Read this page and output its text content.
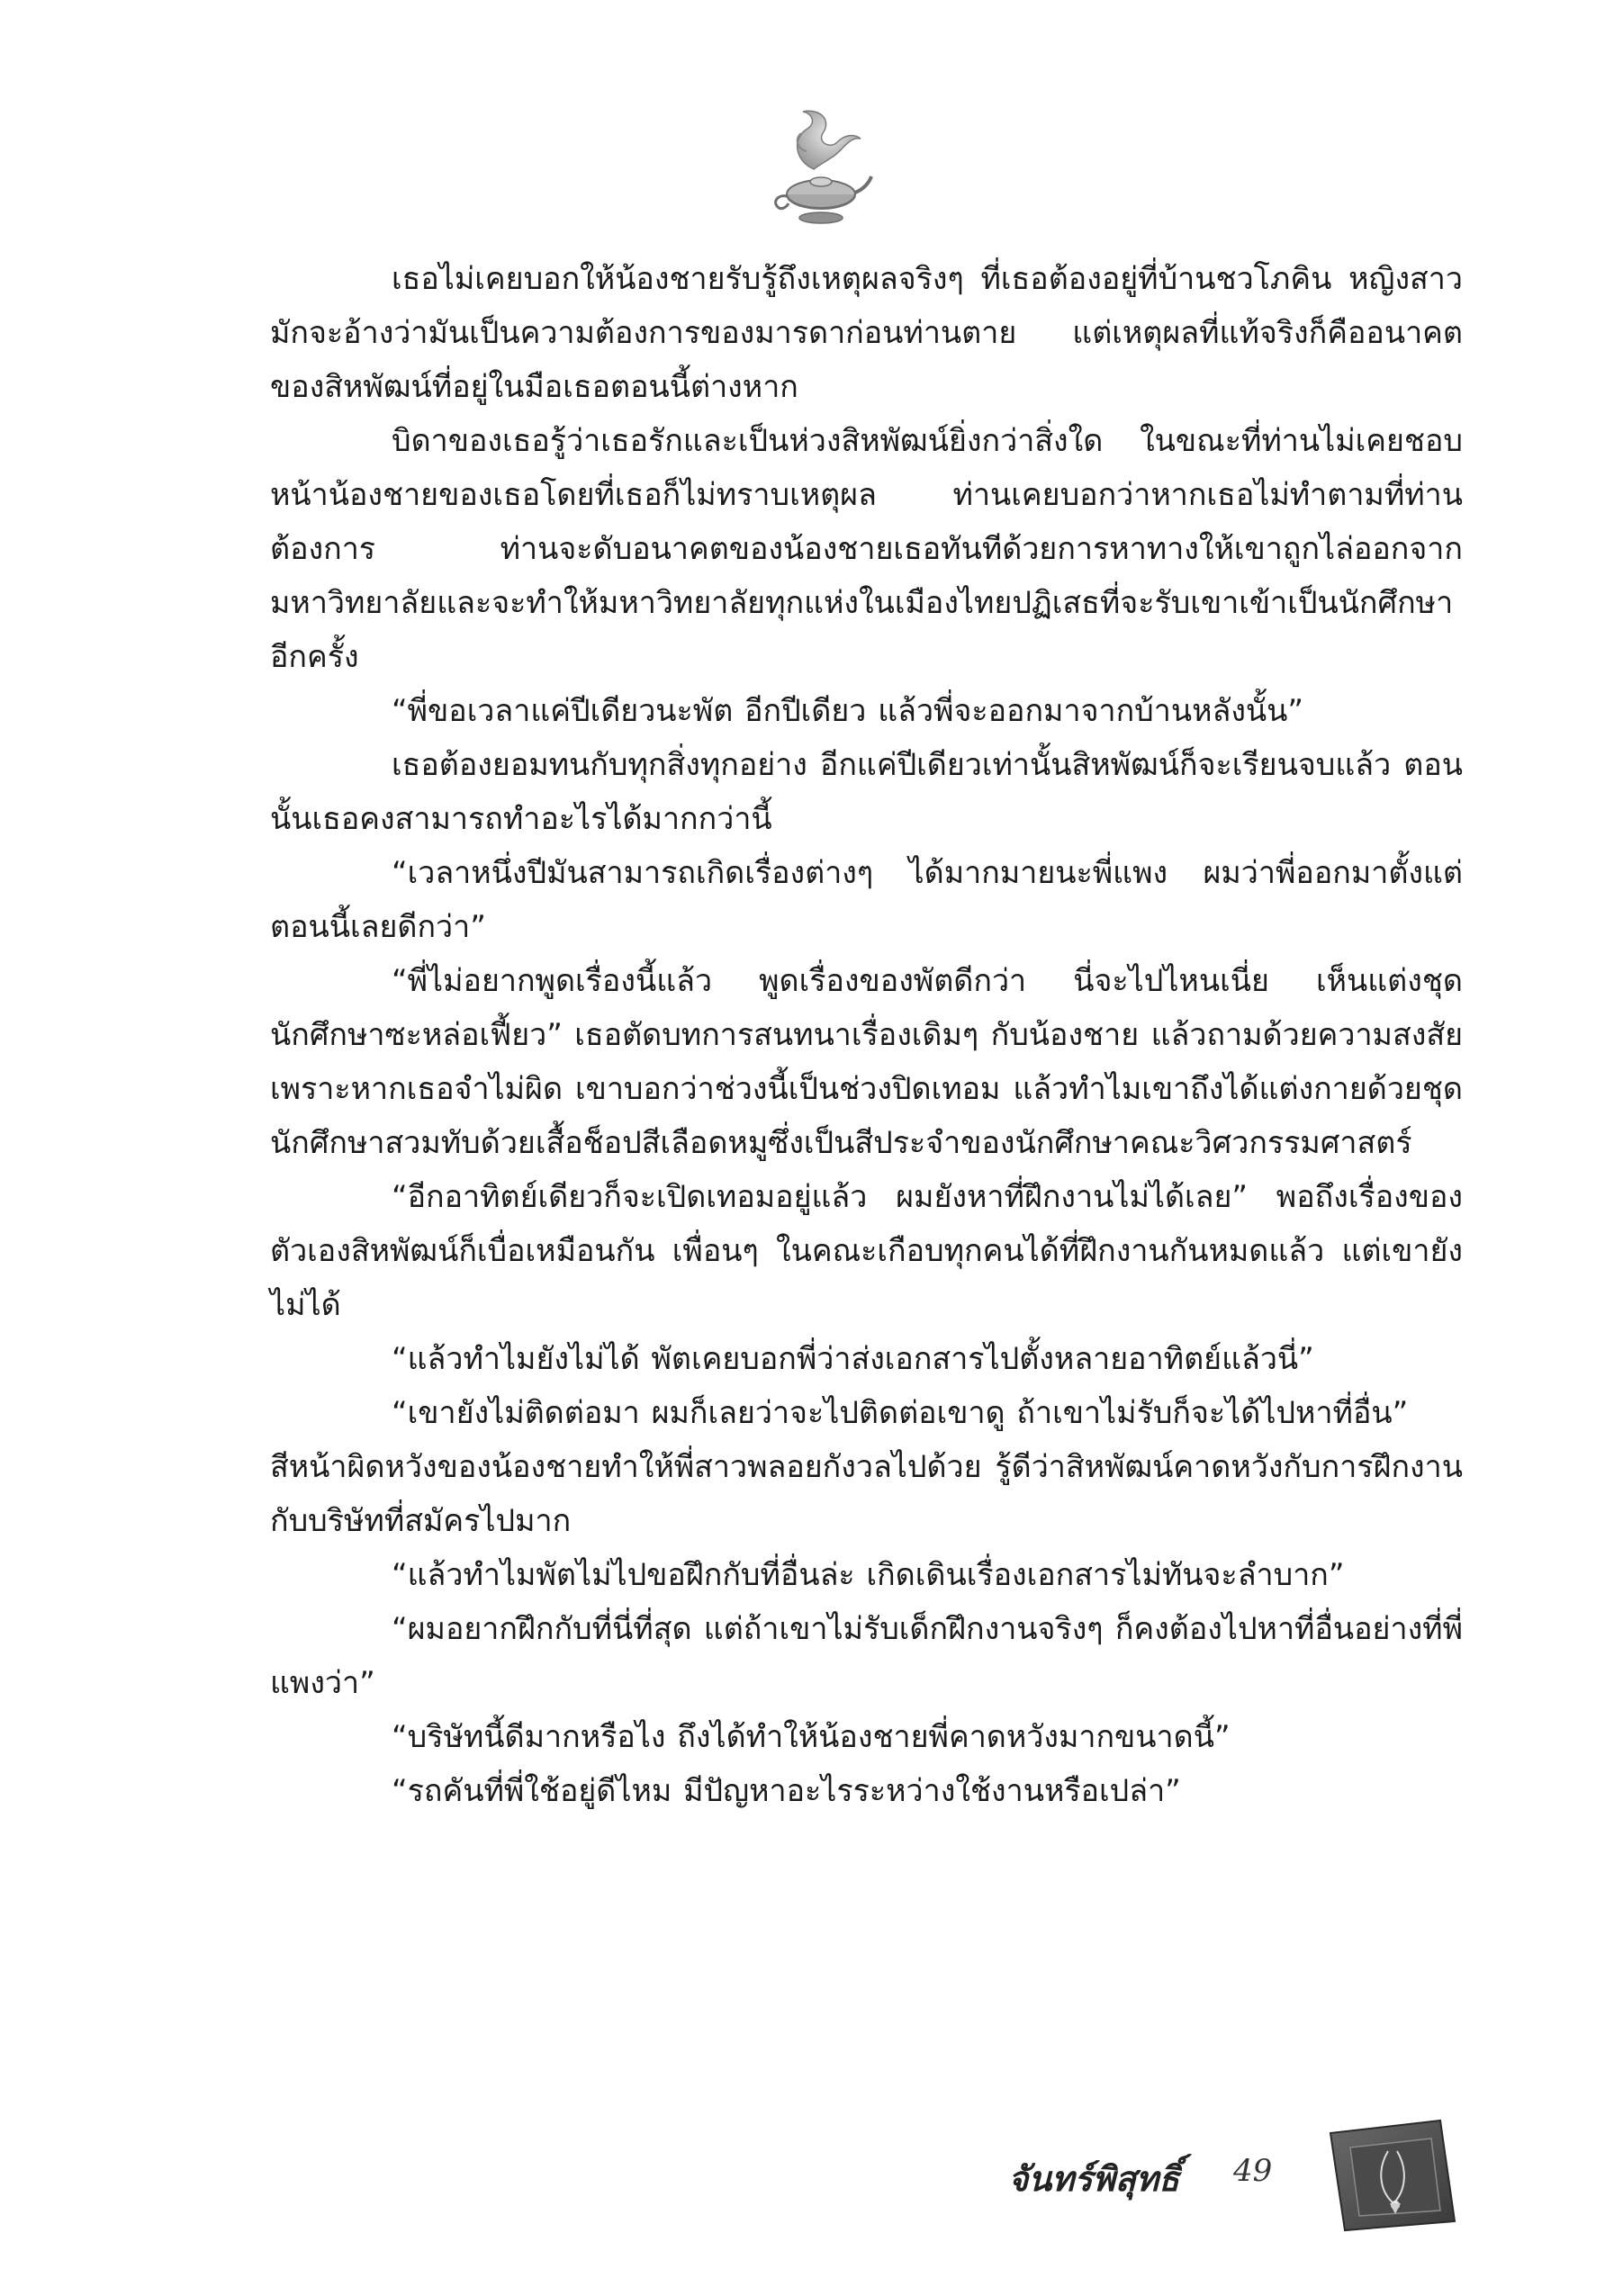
เธอไม่เคยบอกให้น้องชายรับรู้ถึงเหตุผลจริงๆ ที่เธอต้องอยู่ที่บ้านชวโภคิน หญิงสาวมักจะอ้างว่ามันเป็นความต้องการของมารดาก่อนท่านตาย แต่เหตุผลที่แท้จริงก็คืออนาคตของสิหพัฒน์ที่อยู่ในมือเธอตอนนี้ต่างหาก

บิดาของเธอรู้ว่าเธอรักและเป็นห่วงสิหพัฒน์ยิ่งกว่าสิ่งใด ในขณะที่ท่านไม่เคยชอบหน้าน้องชายของเธอโดยที่เธอก็ไม่ทราบเหตุผล ท่านเคยบอกว่าหากเธอไม่ทำตามที่ท่านต้องการ ท่านจะดับอนาคตของน้องชายเธอทันทีด้วยการหาทางให้เขาถูกไล่ออกจากมหาวิทยาลัยและจะทำให้มหาวิทยาลัยทุกแห่งในเมืองไทยปฏิเสธที่จะรับเขาเข้าเป็นนักศึกษาอีกครั้ง

“พี่ขอเวลาแค่ปีเดียวนะพัต อีกปีเดียว แล้วพี่จะออกมาจากบ้านหลังนั้น”

เธอต้องยอมทนกับทุกสิ่งทุกอย่าง อีกแค่ปีเดียวเท่านั้นสิหพัฒน์ก็จะเรียนจบแล้ว ตอนนั้นเธอคงสามารถทำอะไรได้มากกว่านี้

“เวลาหนึ่งปีมันสามารถเกิดเรื่องต่างๆ ได้มากมายนะพี่แพง ผมว่าพี่ออกมาตั้งแต่ตอนนี้เลยดีกว่า”

“พี่ไม่อยากพูดเรื่องนี้แล้ว พูดเรื่องของพัตดีกว่า นี่จะไปไหนเนี่ย เห็นแต่งชุดนักศึกษาซะหล่อเฟี้ยว” เธอตัดบทการสนทนาเรื่องเดิมๆ กับน้องชาย แล้วถามด้วยความสงสัย เพราะหากเธอจำไม่ผิด เขาบอกว่าช่วงนี้เป็นช่วงปิดเทอม แล้วทำไมเขาถึงได้แต่งกายด้วยชุดนักศึกษาสวมทับด้วยเสื้อช็อปสีเลือดหมูซึ่งเป็นสีประจำของนักศึกษาคณะวิศวกรรมศาสตร์

“อีกอาทิตย์เดียวก็จะเปิดเทอมอยู่แล้ว ผมยังหาที่ฝึกงานไม่ได้เลย” พอถึงเรื่องของตัวเองสิหพัฒน์ก็เบื่อเหมือนกัน เพื่อนๆ ในคณะเกือบทุกคนได้ที่ฝึกงานกันหมดแล้ว แต่เขายังไม่ได้

“แล้วทำไมยังไม่ได้ พัตเคยบอกพี่ว่าส่งเอกสารไปตั้งหลายอาทิตย์แล้วนี่”

“เขายังไม่ติดต่อมา ผมก็เลยว่าจะไปติดต่อเขาดู ถ้าเขาไม่รับก็จะได้ไปหาที่อื่น”

สีหน้าผิดหวังของน้องชายทำให้พี่สาวพลอยกังวลไปด้วย รู้ดีว่าสิหพัฒน์คาดหวังกับการฝึกงานกับบริษัทที่สมัครไปมาก

“แล้วทำไมพัตไม่ไปขอฝึกกับที่อื่นล่ะ เกิดเดินเรื่องเอกสารไม่ทันจะลำบาก”

“ผมอยากฝึกกับที่นี่ที่สุด แต่ถ้าเขาไม่รับเด็กฝึกงานจริงๆ ก็คงต้องไปหาที่อื่นอย่างที่พี่แพงว่า”

“บริษัทนี้ดีมากหรือไง ถึงได้ทำให้น้องชายพี่คาดหวังมากขนาดนี้”

“รถคันที่พี่ใช้อยู่ดีไหม มีปัญหาอะไรระหว่างใช้งานหรือเปล่า”

จันทร์พิสุทธิ์ 49
